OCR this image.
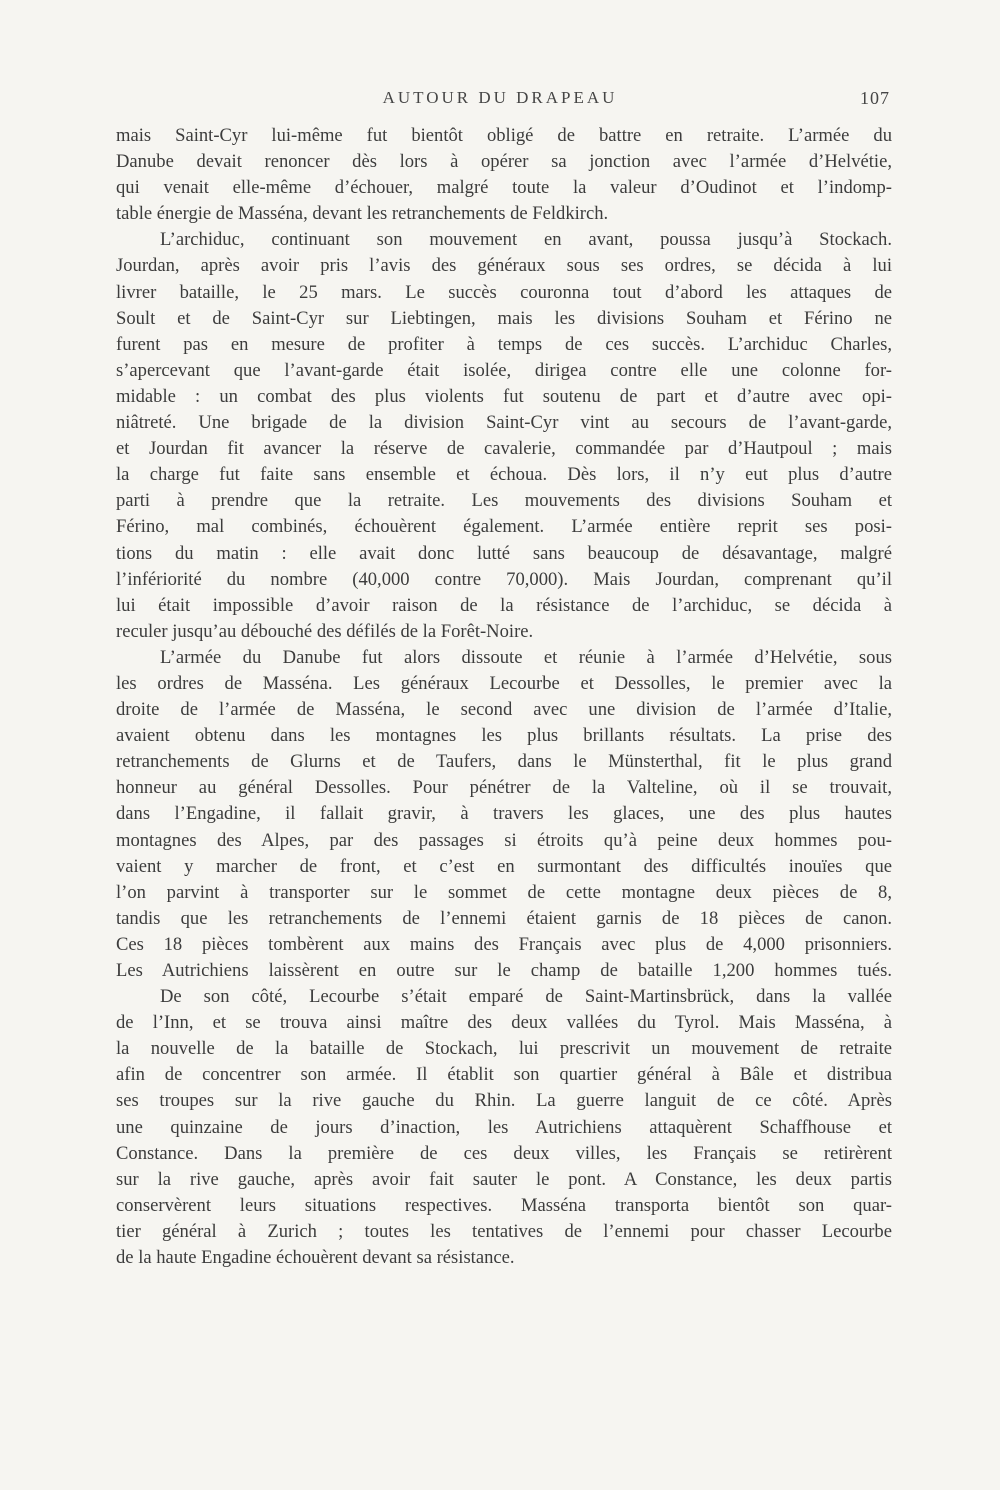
AUTOUR DU DRAPEAU	107
mais Saint-Cyr lui-même fut bientôt obligé de battre en retraite. L’armée du
Danube devait renoncer dès lors à opérer sa jonction avec l’armée d’Helvétie,
qui venait elle-même d’échouer, malgré toute la valeur d’Oudinot et l’indomp-
table énergie de Masséna, devant les retranchements de Feldkirch.
L’archiduc, continuant son mouvement en avant, poussa jusqu’à Stockach.
Jourdan, après avoir pris l’avis des généraux sous ses ordres, se décida à lui
livrer bataille, le 25 mars. Le succès couronna tout d’abord les attaques de
Soult et de Saint-Cyr sur Liebtingen, mais les divisions Souham et Férino ne
furent pas en mesure de profiter à temps de ces succès. L’archiduc Charles,
s’apercevant que l’avant-garde était isolée, dirigea contre elle une colonne for-
midable : un combat des plus violents fut soutenu de part et d’autre avec opi-
niâtreté. Une brigade de la division Saint-Cyr vint au secours de l’avant-garde,
et Jourdan fit avancer la réserve de cavalerie, commandée par d’Hautpoul ; mais
la charge fut faite sans ensemble et échoua. Dès lors, il n’y eut plus d’autre
parti à prendre que la retraite. Les mouvements des divisions Souham et
Férino, mal combinés, échouèrent également. L’armée entière reprit ses posi-
tions du matin : elle avait donc lutté sans beaucoup de désavantage, malgré
l’infériorité du nombre (40,000 contre 70,000). Mais Jourdan, comprenant qu’il
lui était impossible d’avoir raison de la résistance de l’archiduc, se décida à
reculer jusqu’au débouché des défilés de la Forêt-Noire.
L’armée du Danube fut alors dissoute et réunie à l’armée d’Helvétie, sous
les ordres de Masséna. Les généraux Lecourbe et Dessolles, le premier avec la
droite de l’armée de Masséna, le second avec une division de l’armée d’Italie,
avaient obtenu dans les montagnes les plus brillants résultats. La prise des
retranchements de Glurns et de Taufers, dans le Münsterthal, fit le plus grand
honneur au général Dessolles. Pour pénétrer de la Valteline, où il se trouvait,
dans l’Engadine, il fallait gravir, à travers les glaces, une des plus hautes
montagnes des Alpes, par des passages si étroits qu’à peine deux hommes pou-
vaient y marcher de front, et c’est en surmontant des difficultés inouïes que
l’on parvint à transporter sur le sommet de cette montagne deux pièces de 8,
tandis que les retranchements de l’ennemi étaient garnis de 18 pièces de canon.
Ces 18 pièces tombèrent aux mains des Français avec plus de 4,000 prisonniers.
Les Autrichiens laissèrent en outre sur le champ de bataille 1,200 hommes tués.
De son côté, Lecourbe s’était emparé de Saint-Martinsbrück, dans la vallée
de l’Inn, et se trouva ainsi maître des deux vallées du Tyrol. Mais Masséna, à
la nouvelle de la bataille de Stockach, lui prescrivit un mouvement de retraite
afin de concentrer son armée. Il établit son quartier général à Bâle et distribua
ses troupes sur la rive gauche du Rhin. La guerre languit de ce côté. Après
une quinzaine de jours d’inaction, les Autrichiens attaquèrent Schaffhouse et
Constance. Dans la première de ces deux villes, les Français se retirèrent
sur la rive gauche, après avoir fait sauter le pont. A Constance, les deux partis
conservèrent leurs situations respectives. Masséna transporta bientôt son quar-
tier général à Zurich ; toutes les tentatives de l’ennemi pour chasser Lecourbe
de la haute Engadine échouèrent devant sa résistance.
